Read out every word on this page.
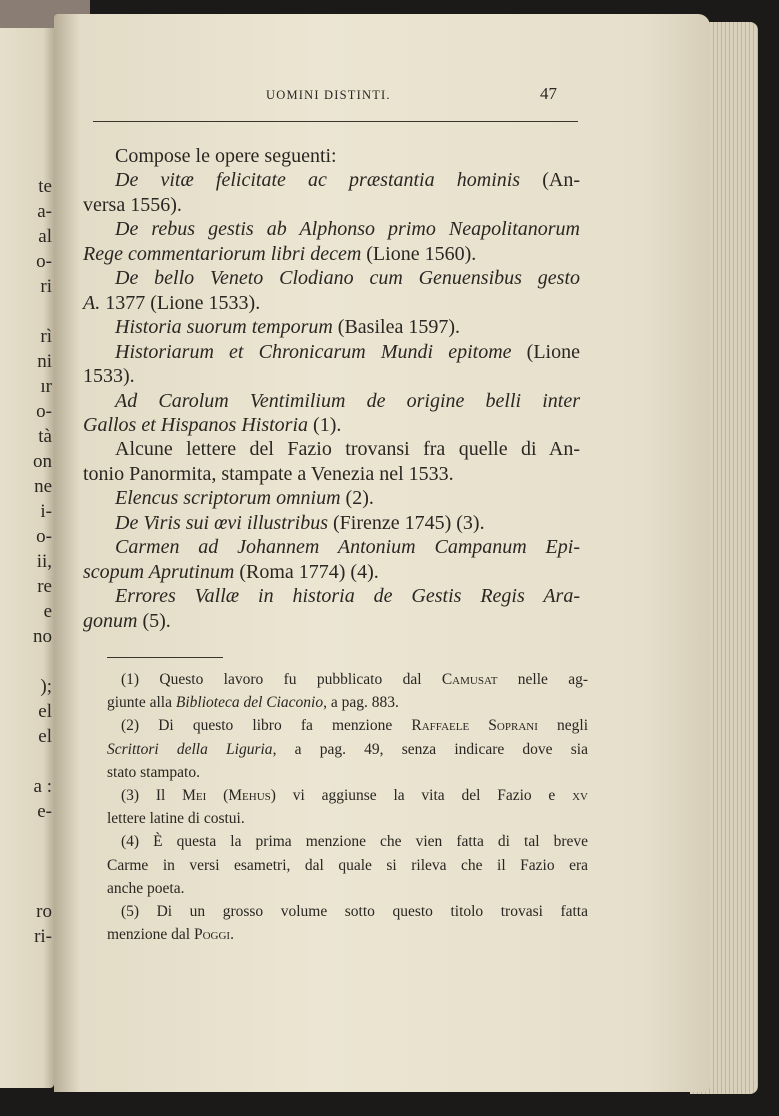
te
a-
al
o-
ri
rì
ni
ır
o-
tà
on
ne
i-
o-
ii,
re
e
no
);
el
el
a :
e-
ro
ri-
UOMINI DISTINTI.	47
Compose le opere seguenti:
De vitæ felicitate ac præstantia hominis (An-
versa 1556).
De rebus gestis ab Alphonso primo Neapolitanorum
Rege commentariorum libri decem (Lione 1560).
De bello Veneto Clodiano cum Genuensibus gesto
A. 1377 (Lione 1533).
Historia suorum temporum (Basilea 1597).
Historiarum et Chronicarum Mundi epitome (Lione
1533).
Ad Carolum Ventimilium de origine belli inter
Gallos et Hispanos Historia (1).
Alcune lettere del Fazio trovansi fra quelle di An-
tonio Panormita, stampate a Venezia nel 1533.
Elencus scriptorum omnium (2).
De Viris sui œvi illustribus (Firenze 1745) (3).
Carmen ad Johannem Antonium Campanum Epi-
scopum Aprutinum (Roma 1774) (4).
Errores Vallæ in historia de Gestis Regis Ara-
gonum (5).
(1) Questo lavoro fu pubblicato dal Camusat nelle ag-
giunte alla Biblioteca del Ciaconio, a pag. 883.
(2) Di questo libro fa menzione Raffaele Soprani negli
Scrittori della Liguria, a pag. 49, senza indicare dove sia
stato stampato.
(3) Il Mei (Mehus) vi aggiunse la vita del Fazio e xv
lettere latine di costui.
(4) È questa la prima menzione che vien fatta di tal breve
Carme in versi esametri, dal quale si rileva che il Fazio era
anche poeta.
(5) Di un grosso volume sotto questo titolo trovasi fatta
menzione dal Poggi.
